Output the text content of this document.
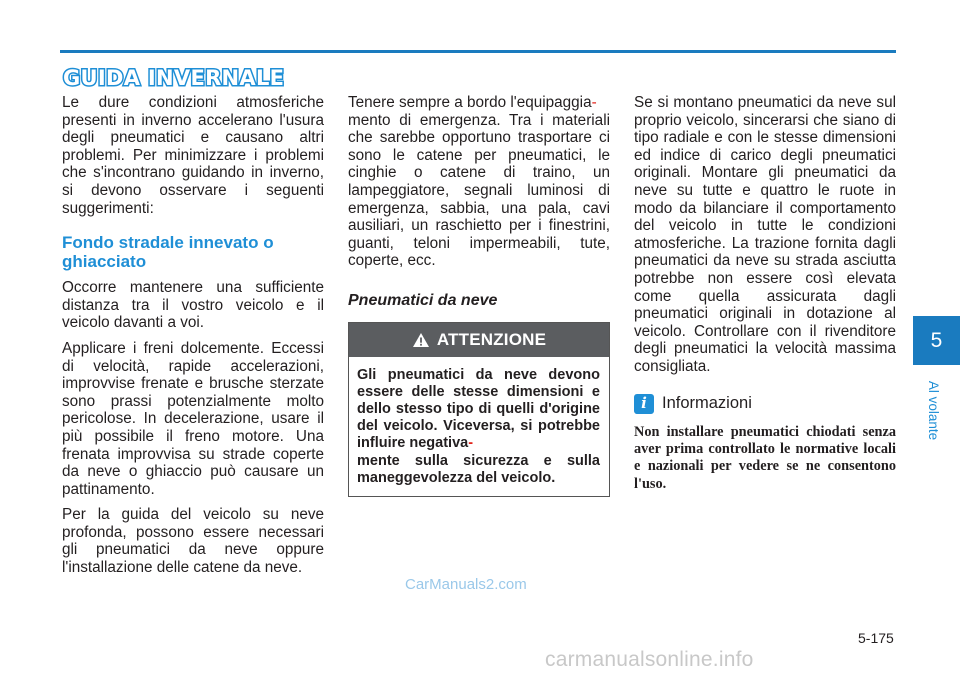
GUIDA INVERNALE

Le dure condizioni atmosferiche presenti in inverno accelerano l'usura degli pneumatici e causano altri problemi. Per minimizzare i problemi che s'incontrano guidando in inverno, si devono osservare i seguenti suggerimenti:

Fondo stradale innevato o ghiacciato

Occorre mantenere una sufficiente distanza tra il vostro veicolo e il veicolo davanti a voi.

Applicare i freni dolcemente. Eccessi di velocità, rapide accelerazioni, improvvise frenate e brusche sterzate sono prassi potenzialmente molto pericolose. In decelerazione, usare il più possibile il freno motore. Una frenata improvvisa su strade coperte da neve o ghiaccio può causare un pattinamento.

Per la guida del veicolo su neve profonda, possono essere necessari gli pneumatici da neve oppure l'installazione delle catene da neve.

Tenere sempre a bordo l'equipaggia-
mento di emergenza. Tra i materiali che sarebbe opportuno trasportare ci sono le catene per pneumatici, le cinghie o catene di traino, un lampeggiatore, segnali luminosi di emergenza, sabbia, una pala, cavi ausiliari, un raschietto per i finestrini, guanti, teloni impermeabili, tute, coperte, ecc.

Pneumatici da neve
ATTENZIONE
Gli pneumatici da neve devono essere delle stesse dimensioni e dello stesso tipo di quelli d'origine del veicolo. Viceversa, si potrebbe influire negativa-
mente sulla sicurezza e sulla maneggevolezza del veicolo.

Se si montano pneumatici da neve sul proprio veicolo, sincerarsi che siano di tipo radiale e con le stesse dimensioni ed indice di carico degli pneumatici originali. Montare gli pneumatici da neve su tutte e quattro le ruote in modo da bilanciare il comportamento del veicolo in tutte le condizioni atmosferiche. La trazione fornita dagli pneumatici da neve su strada asciutta potrebbe non essere così elevata come quella assicurata dagli pneumatici originali in dotazione al veicolo. Controllare con il rivenditore degli pneumatici la velocità massima consigliata.

i Informazioni

Non installare pneumatici chiodati senza aver prima controllato le normative locali e nazionali per vedere se ne consentono l'uso.

5
Al volante
CarManuals2.com
5-175
carmanualsonline.info
